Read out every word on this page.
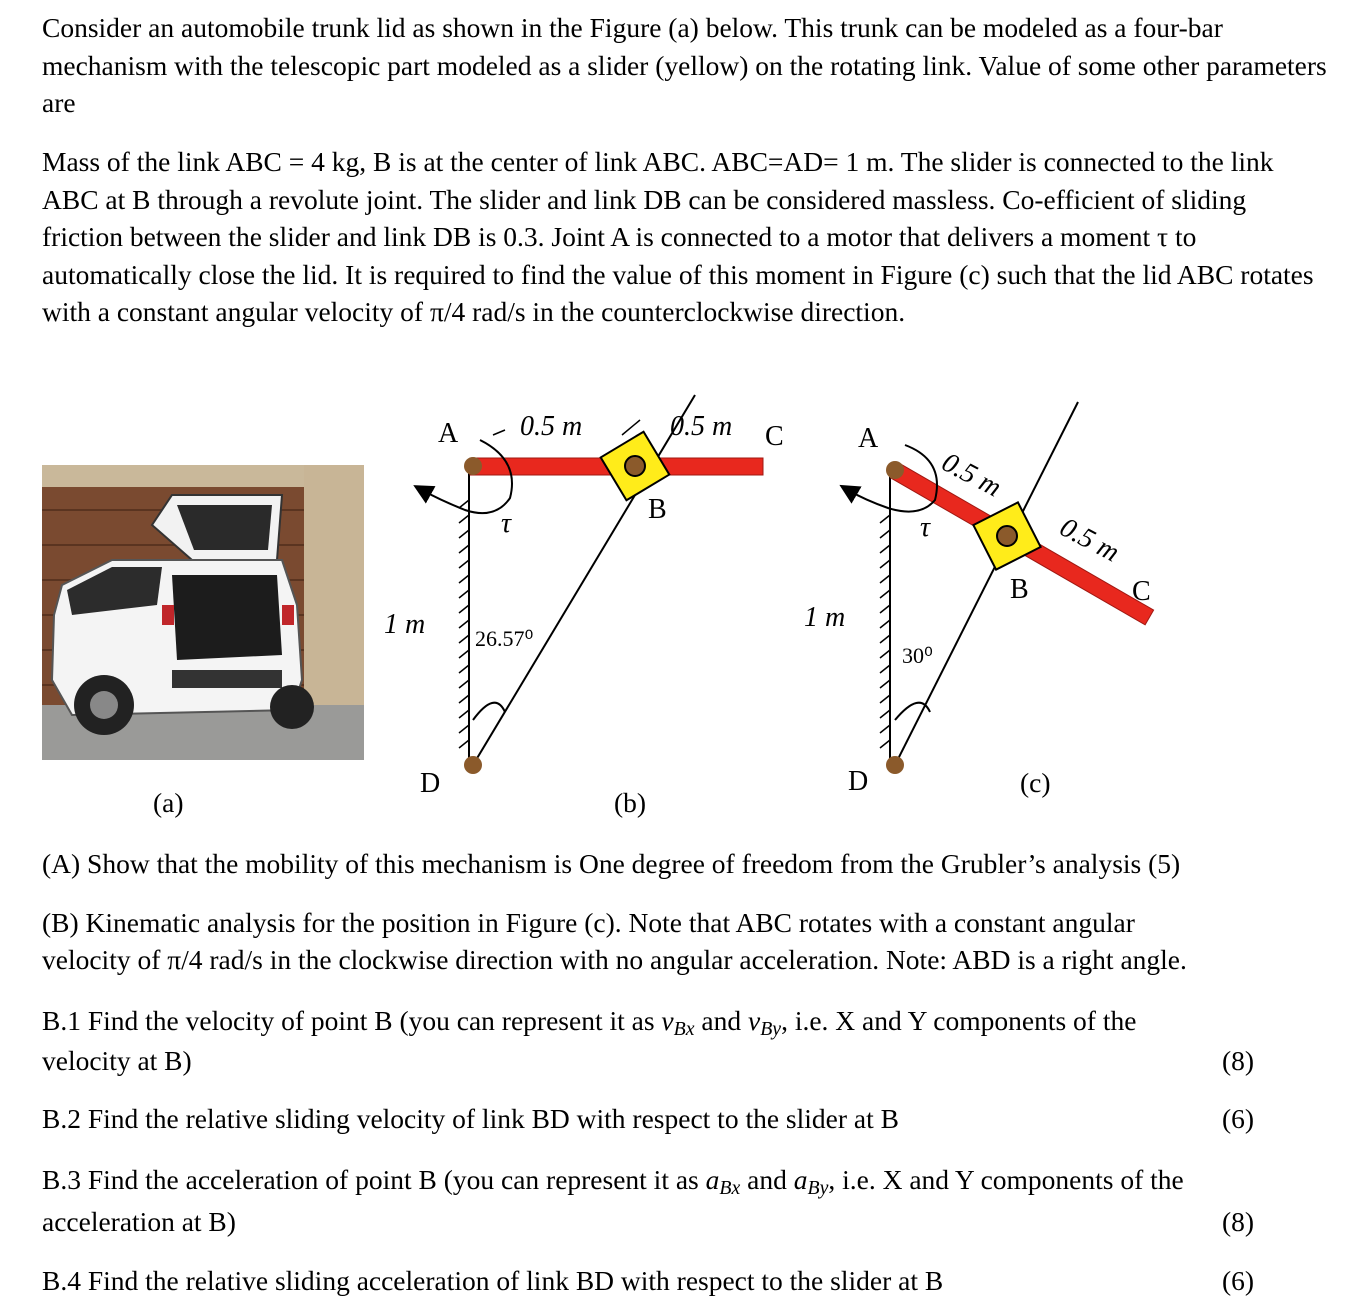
Consider an automobile trunk lid as shown in the Figure (a) below. This trunk can be modeled as a four-bar mechanism with the telescopic part modeled as a slider (yellow) on the rotating link. Value of some other parameters are

Mass of the link ABC = 4 kg, B is at the center of link ABC. ABC=AD= 1 m. The slider is connected to the link ABC at B through a revolute joint. The slider and link DB can be considered massless. Co-efficient of sliding friction between the slider and link DB is 0.3. Joint A is connected to a motor that delivers a moment τ to automatically close the lid. It is required to find the value of this moment in Figure (c) such that the lid ABC rotates with a constant angular velocity of π/4 rad/s in the counterclockwise direction.

A 0.5 m	0.5 m C
B
τ
1 m 26.57⁰
D
A
0.5 m
0.5 m
C
B
τ
1 m
30⁰
D
(a)	(b)
(c)
(A) Show that the mobility of this mechanism is One degree of freedom from the Grubler’s analysis (5)
(B) Kinematic analysis for the position in Figure (c). Note that ABC rotates with a constant angular
velocity of π/4 rad/s in the clockwise direction with no angular acceleration. Note: ABD is a right angle.
B.1 Find the velocity of point B (you can represent it as $v_{Bx}$ and $v_{By}$, i.e. X and Y components of the
velocity at B)	(8)
B.2 Find the relative sliding velocity of link BD with respect to the slider at B	(6)
B.3 Find the acceleration of point B (you can represent it as $a_{Bx}$ and $a_{By}$, i.e. X and Y components of the
acceleration at B)	(8)
B.4 Find the relative sliding acceleration of link BD with respect to the slider at B	(6)
